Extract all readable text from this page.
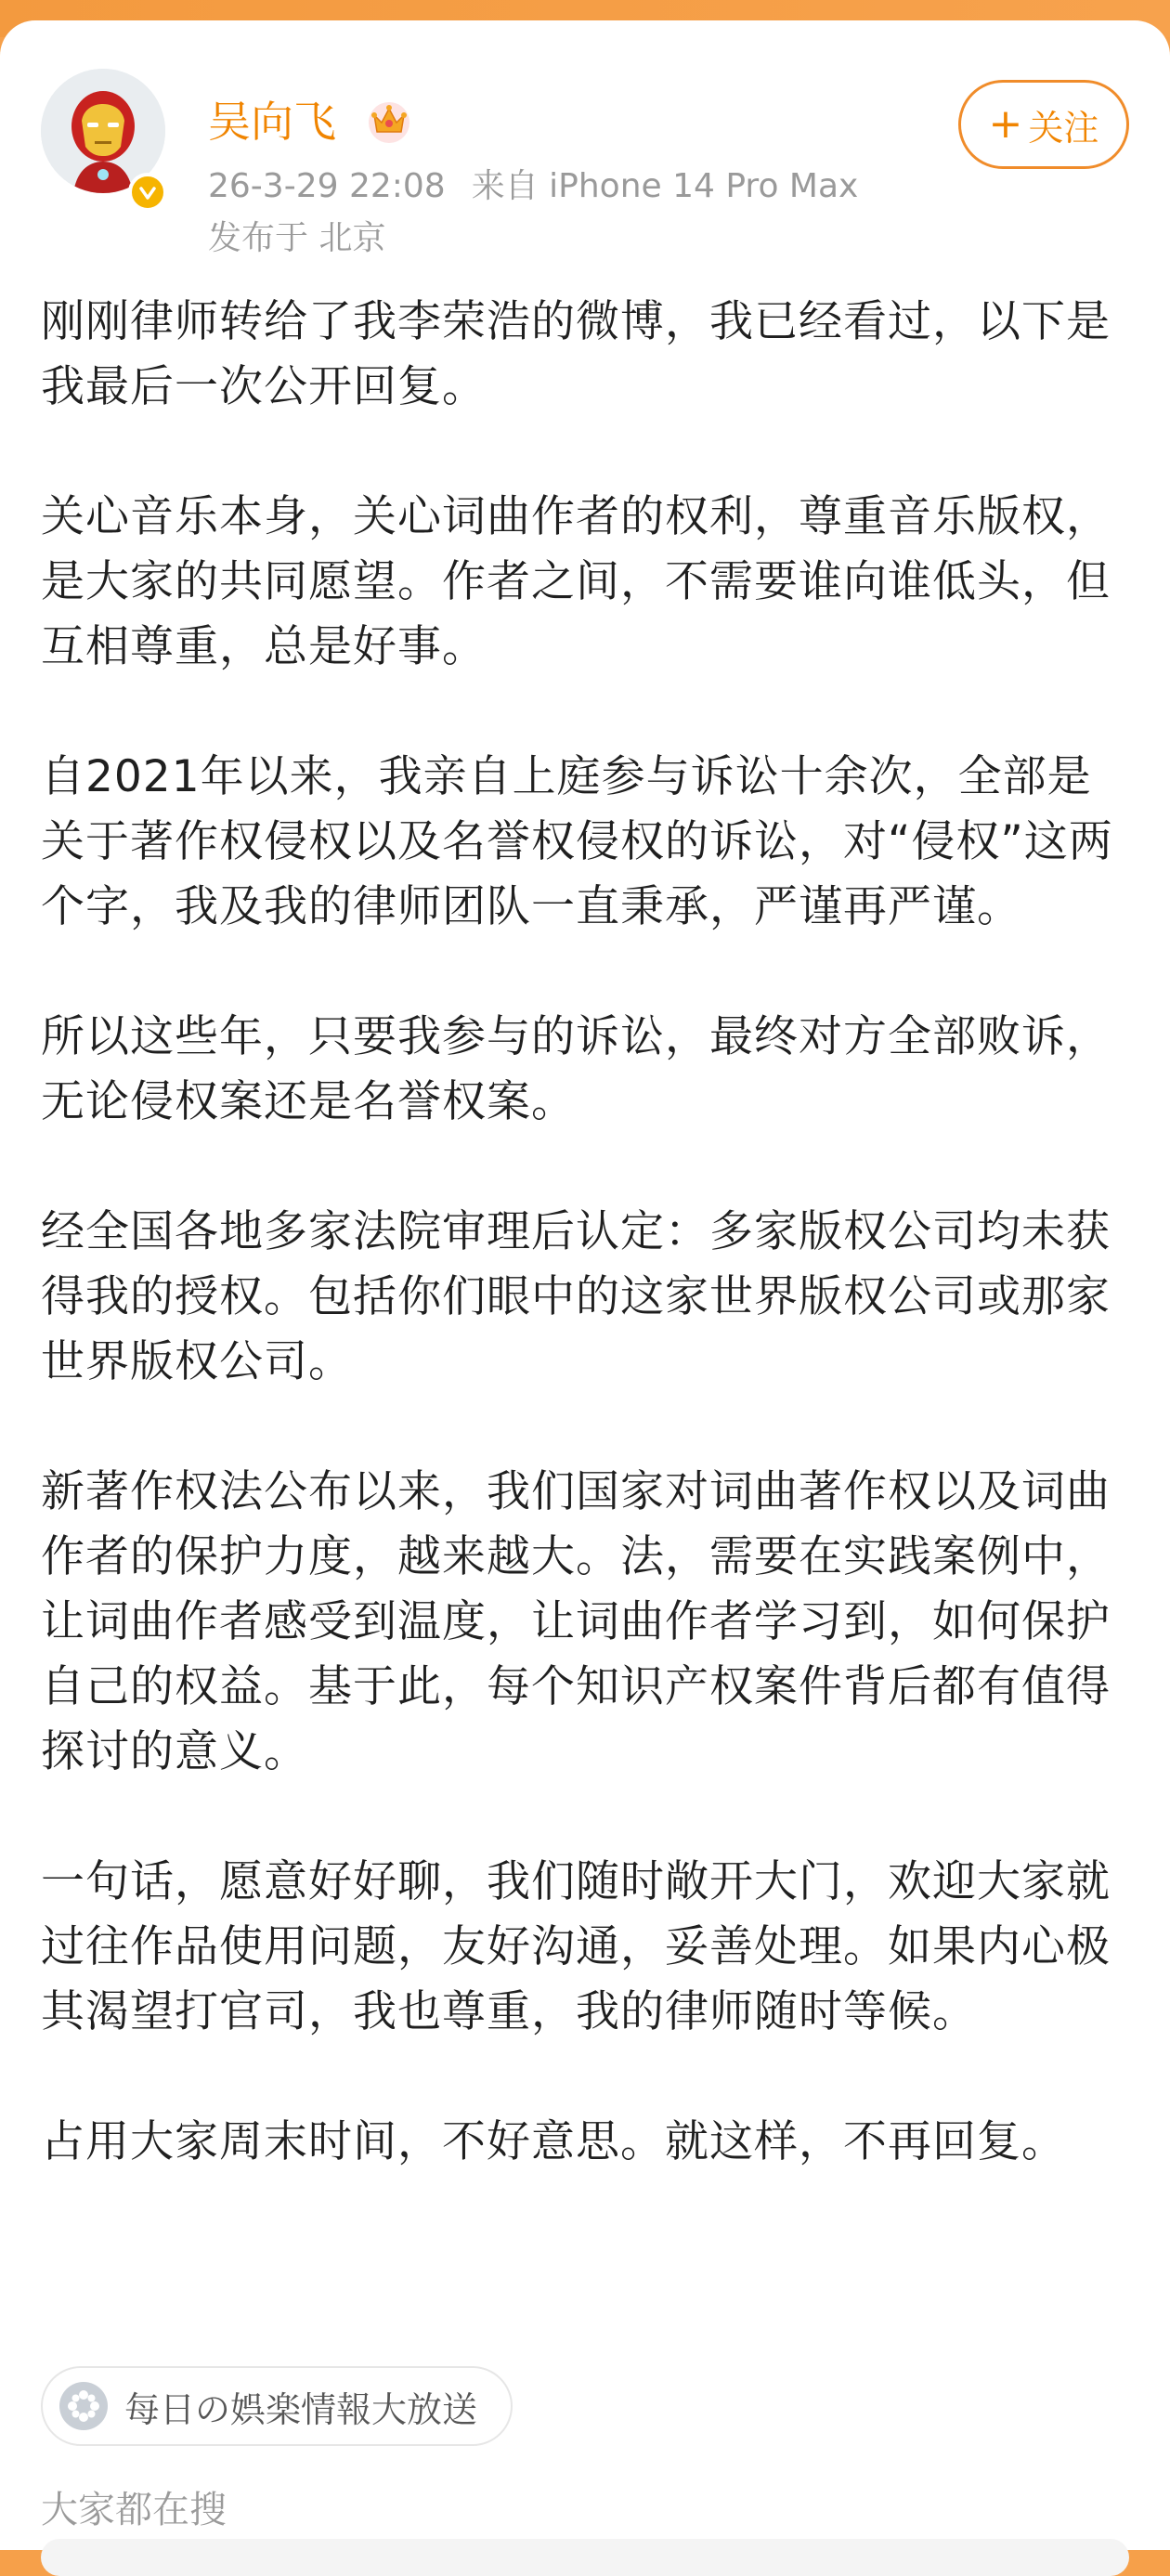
吴向飞
26-3-29 22:08 来自 iPhone 14 Pro Max
发布于 北京
+ 关注

刚刚律师转给了我李荣浩的微博，我已经看过，以下是我最后一次公开回复。

关心音乐本身，关心词曲作者的权利，尊重音乐版权，是大家的共同愿望。作者之间，不需要谁向谁低头，但互相尊重，总是好事。

自2021年以来，我亲自上庭参与诉讼十余次，全部是关于著作权侵权以及名誉权侵权的诉讼，对“侵权”这两个字，我及我的律师团队一直秉承，严谨再严谨。

所以这些年，只要我参与的诉讼，最终对方全部败诉，无论侵权案还是名誉权案。

经全国各地多家法院审理后认定：多家版权公司均未获得我的授权。包括你们眼中的这家世界版权公司或那家世界版权公司。

新著作权法公布以来，我们国家对词曲著作权以及词曲作者的保护力度，越来越大。法，需要在实践案例中，让词曲作者感受到温度，让词曲作者学习到，如何保护自己的权益。基于此，每个知识产权案件背后都有值得探讨的意义。

一句话，愿意好好聊，我们随时敞开大门，欢迎大家就过往作品使用问题，友好沟通，妥善处理。如果内心极其渴望打官司，我也尊重，我的律师随时等候。

占用大家周末时间，不好意思。就这样，不再回复。

每日の娯楽情報大放送
大家都在搜
